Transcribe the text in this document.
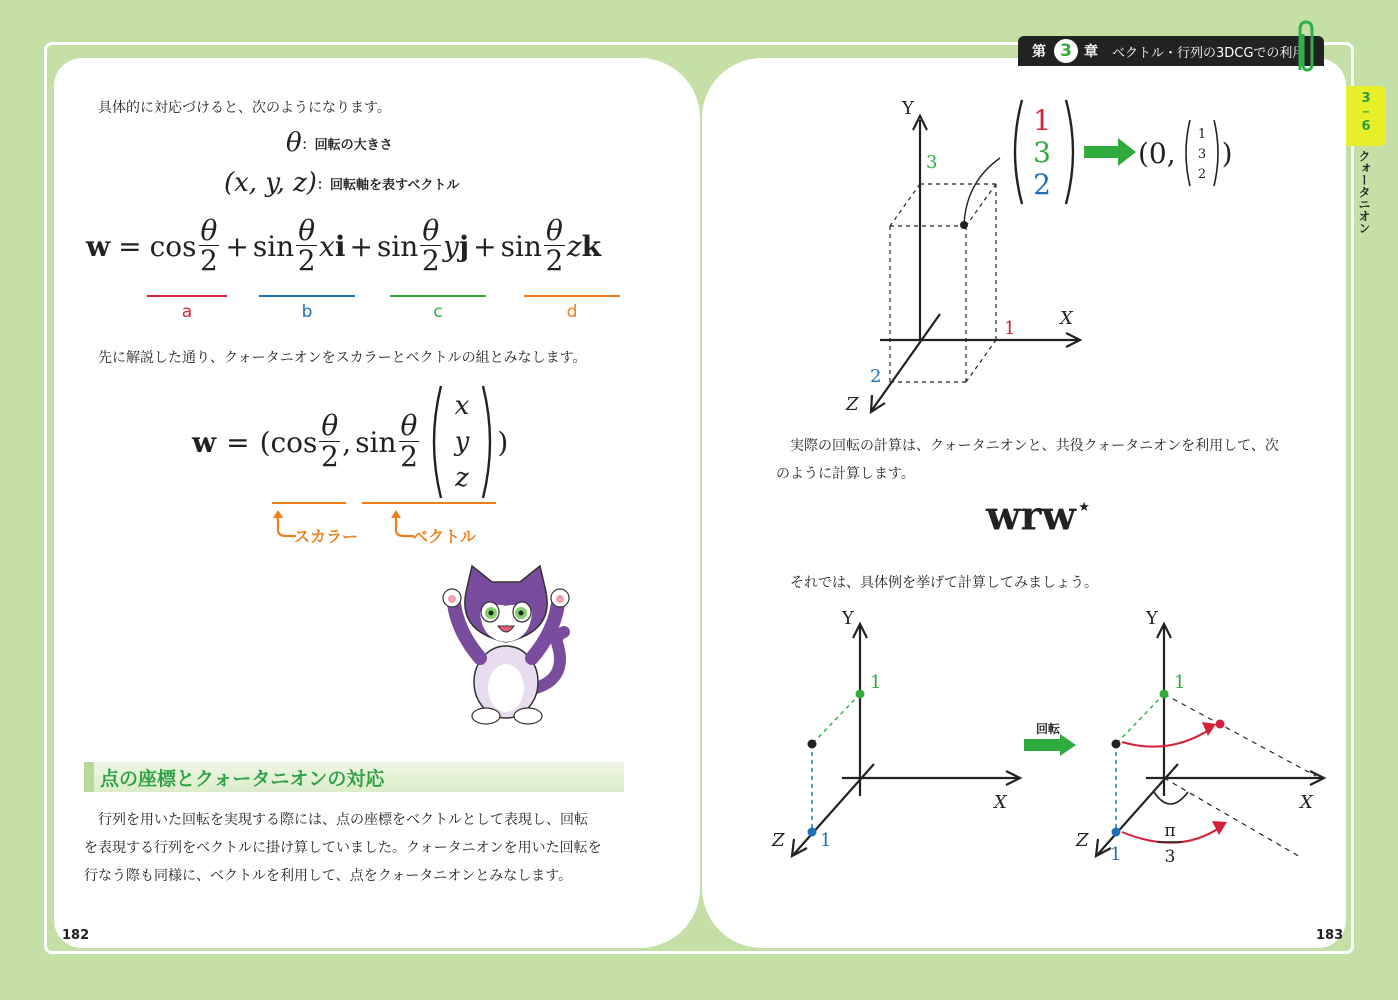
第 3 章 ベクトル・行列の3DCGでの利用
3
−
6
クォータニオン
具体的に対応づけると、次のようになります。
θ ：回転の大きさ
(x, y, z) ：回転軸を表すベクトル
$w = \cos \frac{\theta}{2} + \sin \frac{\theta}{2}$ x $i + \sin \frac{\theta}{2}$ y $j + \sin \frac{\theta}{2}$ z k
a	b	c	d
先に解説した通り、クォータニオンをスカラーとベクトルの組とみなします。
$w = (\cos \frac{\theta}{2}$ , $\sin \frac{\theta}{2}$
x
y
z
)
スカラー	ベクトル
点の座標とクォータニオンの対応
　行列を用いた回転を実現する際には、点の座標をベクトルとして表現し、回転
を表現する行列をベクトルに掛け算していました。クォータニオンを用いた回転を
行なう際も同様に、ベクトルを利用して、点をクォータニオンとみなします。
182
Y
X
Z
1
3
2
1
3
2
(0,
1
3
2
)
　実際の回転の計算は、クォータニオンと、共役クォータニオンを利用して、次
のように計算します。
wrw⋆
それでは、具体例を挙げて計算してみましょう。
Y
X
Z
1
1
回転
Y
X
Z
1
1
π
3
183
